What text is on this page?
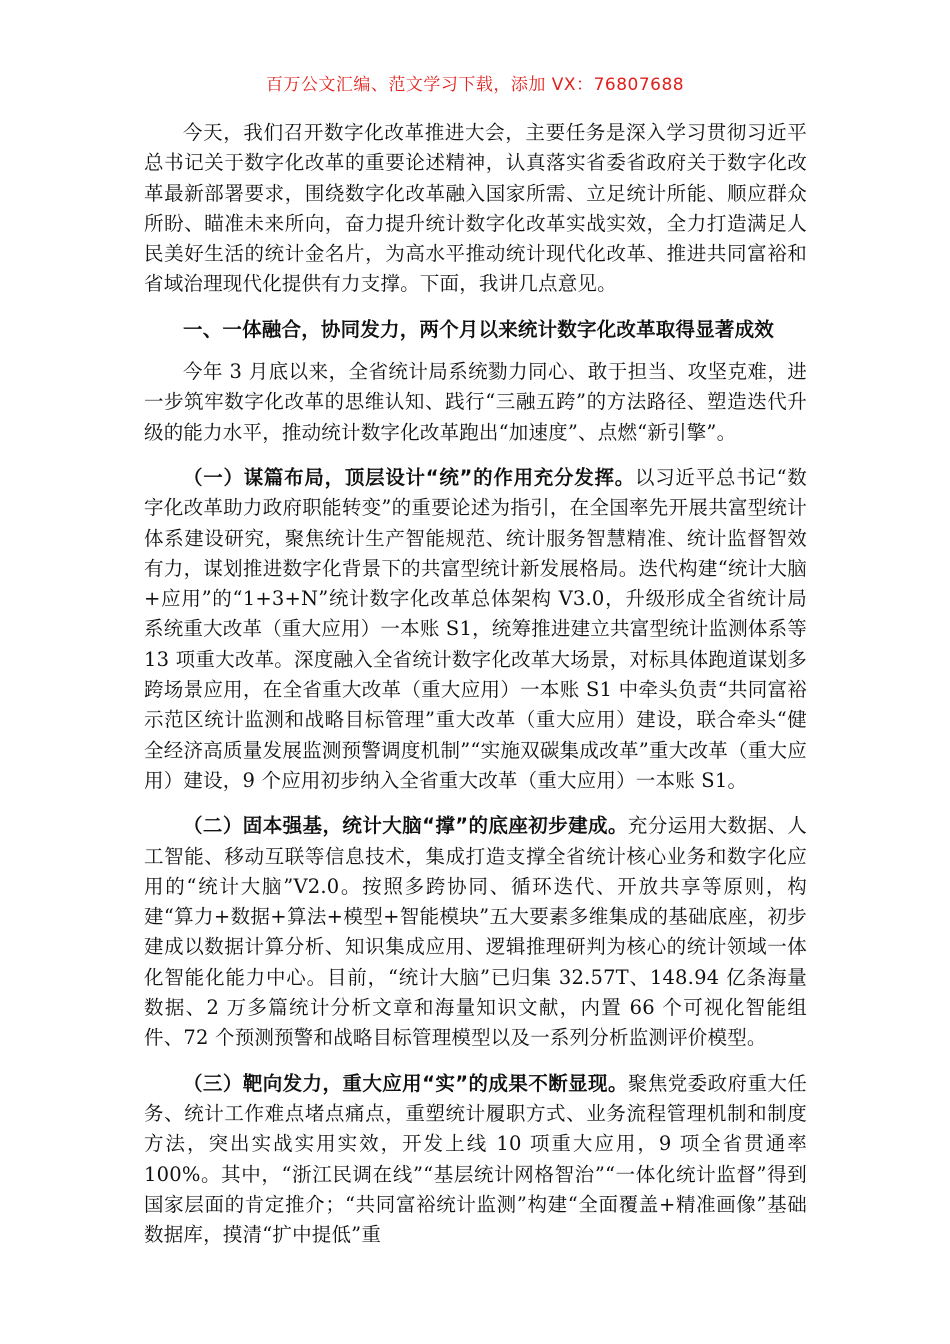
百万公文汇编、范文学习下载，添加 VX：76807688

今天，我们召开数字化改革推进大会，主要任务是深入学习贯彻习近平总书记关于数字化改革的重要论述精神，认真落实省委省政府关于数字化改革最新部署要求，围绕数字化改革融入国家所需、立足统计所能、顺应群众所盼、瞄准未来所向，奋力提升统计数字化改革实战实效，全力打造满足人民美好生活的统计金名片，为高水平推动统计现代化改革、推进共同富裕和省域治理现代化提供有力支撑。下面，我讲几点意见。

一、一体融合，协同发力，两个月以来统计数字化改革取得显著成效

今年 3 月底以来，全省统计局系统勠力同心、敢于担当、攻坚克难，进一步筑牢数字化改革的思维认知、践行“三融五跨”的方法路径、塑造迭代升级的能力水平，推动统计数字化改革跑出“加速度”、点燃“新引擎”。

（一）谋篇布局，顶层设计“统”的作用充分发挥。以习近平总书记“数字化改革助力政府职能转变”的重要论述为指引，在全国率先开展共富型统计体系建设研究，聚焦统计生产智能规范、统计服务智慧精准、统计监督智效有力，谋划推进数字化背景下的共富型统计新发展格局。迭代构建“统计大脑+应用”的“1+3+N”统计数字化改革总体架构 V3.0，升级形成全省统计局系统重大改革（重大应用）一本账 S1，统筹推进建立共富型统计监测体系等 13 项重大改革。深度融入全省统计数字化改革大场景，对标具体跑道谋划多跨场景应用，在全省重大改革（重大应用）一本账 S1 中牵头负责“共同富裕示范区统计监测和战略目标管理”重大改革（重大应用）建设，联合牵头“健全经济高质量发展监测预警调度机制”“实施双碳集成改革”重大改革（重大应用）建设，9 个应用初步纳入全省重大改革（重大应用）一本账 S1。

（二）固本强基，统计大脑“撑”的底座初步建成。充分运用大数据、人工智能、移动互联等信息技术，集成打造支撑全省统计核心业务和数字化应用的“统计大脑”V2.0。按照多跨协同、循环迭代、开放共享等原则，构建“算力+数据+算法+模型+智能模块”五大要素多维集成的基础底座，初步建成以数据计算分析、知识集成应用、逻辑推理研判为核心的统计领域一体化智能化能力中心。目前，“统计大脑”已归集 32.57T、148.94 亿条海量数据、2 万多篇统计分析文章和海量知识文献，内置 66 个可视化智能组件、72 个预测预警和战略目标管理模型以及一系列分析监测评价模型。

（三）靶向发力，重大应用“实”的成果不断显现。聚焦党委政府重大任务、统计工作难点堵点痛点，重塑统计履职方式、业务流程管理机制和制度方法，突出实战实用实效，开发上线 10 项重大应用，9 项全省贯通率 100%。其中，“浙江民调在线”“基层统计网格智治”“一体化统计监督”得到国家层面的肯定推介；“共同富裕统计监测”构建“全面覆盖+精准画像”基础数据库，摸清“扩中提低”重
